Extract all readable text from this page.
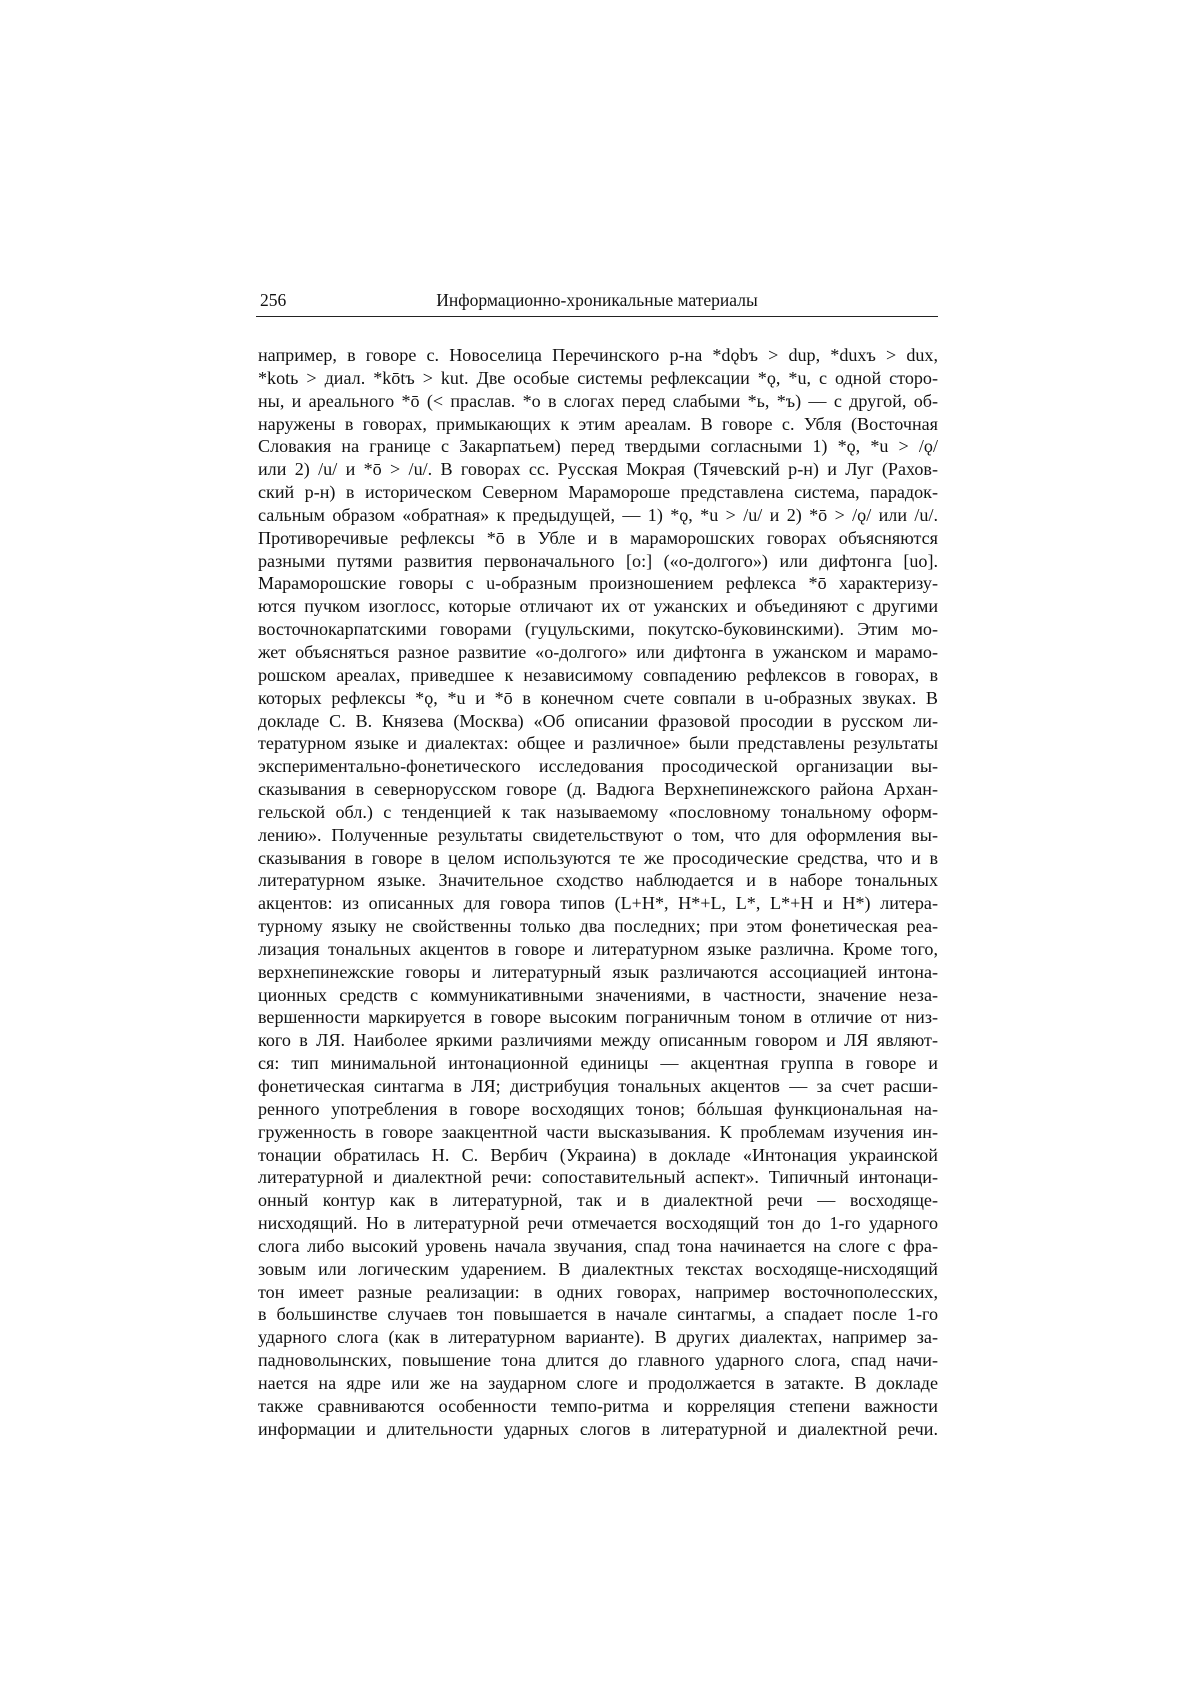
256	Информационно-хроникальные материалы
например, в говоре с. Новоселица Перечинского р-на *dǫbъ > dup, *duxъ > dux,
*kotь > диал. *kōtъ > kut. Две особые системы рефлексации *ǫ, *u, с одной сторо-
ны, и ареального *ō (< праслав. *o в слогах перед слабыми *ь, *ъ) — с другой, об-
наружены в говорах, примыкающих к этим ареалам. В говоре с. Убля (Восточная
Словакия на границе с Закарпатьем) перед твердыми согласными 1) *ǫ, *u > /ǫ/
или 2) /u/ и *ō > /u/. В говорах сс. Русская Мокрая (Тячевский р-н) и Луг (Рахов-
ский р-н) в историческом Северном Марамороше представлена система, парадок-
сальным образом «обратная» к предыдущей, — 1) *ǫ, *u > /u/ и 2) *ō > /ǫ/ или /u/.
Противоречивые рефлексы *ō в Убле и в мараморошских говорах объясняются
разными путями развития первоначального [o:] («o-долгого») или дифтонга [uo].
Мараморошские говоры с u-образным произношением рефлекса *ō характеризу-
ются пучком изоглосс, которые отличают их от ужанских и объединяют с другими
восточнокарпатскими говорами (гуцульскими, покутско-буковинскими). Этим мо-
жет объясняться разное развитие «o-долгого» или дифтонга в ужанском и марамо-
рошском ареалах, приведшее к независимому совпадению рефлексов в говорах, в
которых рефлексы *ǫ, *u и *ō в конечном счете совпали в u-образных звуках. В
докладе С. В. Князева (Москва) «Об описании фразовой просодии в русском ли-
тературном языке и диалектах: общее и различное» были представлены результаты
экспериментально-фонетического исследования просодической организации вы-
сказывания в севернорусском говоре (д. Вадюга Верхнепинежского района Архан-
гельской обл.) с тенденцией к так называемому «пословному тональному оформ-
лению». Полученные результаты свидетельствуют о том, что для оформления вы-
сказывания в говоре в целом используются те же просодические средства, что и в
литературном языке. Значительное сходство наблюдается и в наборе тональных
акцентов: из описанных для говора типов (L+H*, H*+L, L*, L*+H и H*) литера-
турному языку не свойственны только два последних; при этом фонетическая реа-
лизация тональных акцентов в говоре и литературном языке различна. Кроме того,
верхнепинежские говоры и литературный язык различаются ассоциацией интона-
ционных средств с коммуникативными значениями, в частности, значение неза-
вершенности маркируется в говоре высоким пограничным тоном в отличие от низ-
кого в ЛЯ. Наиболее яркими различиями между описанным говором и ЛЯ являют-
ся: тип минимальной интонационной единицы — акцентная группа в говоре и
фонетическая синтагма в ЛЯ; дистрибуция тональных акцентов — за счет расши-
ренного употребления в говоре восходящих тонов; бóльшая функциональная на-
груженность в говоре заакцентной части высказывания. К проблемам изучения ин-
тонации обратилась Н. С. Вербич (Украина) в докладе «Интонация украинской
литературной и диалектной речи: сопоставительный аспект». Типичный интонаци-
онный контур как в литературной, так и в диалектной речи — восходяще-
нисходящий. Но в литературной речи отмечается восходящий тон до 1-го ударного
слога либо высокий уровень начала звучания, спад тона начинается на слоге с фра-
зовым или логическим ударением. В диалектных текстах восходяще-нисходящий
тон имеет разные реализации: в одних говорах, например восточнополесских,
в большинстве случаев тон повышается в начале синтагмы, а спадает после 1-го
ударного слога (как в литературном варианте). В других диалектах, например за-
падноволынских, повышение тона длится до главного ударного слога, спад начи-
нается на ядре или же на заударном слоге и продолжается в затакте. В докладе
также сравниваются особенности темпо-ритма и корреляция степени важности
информации и длительности ударных слогов в литературной и диалектной речи.
